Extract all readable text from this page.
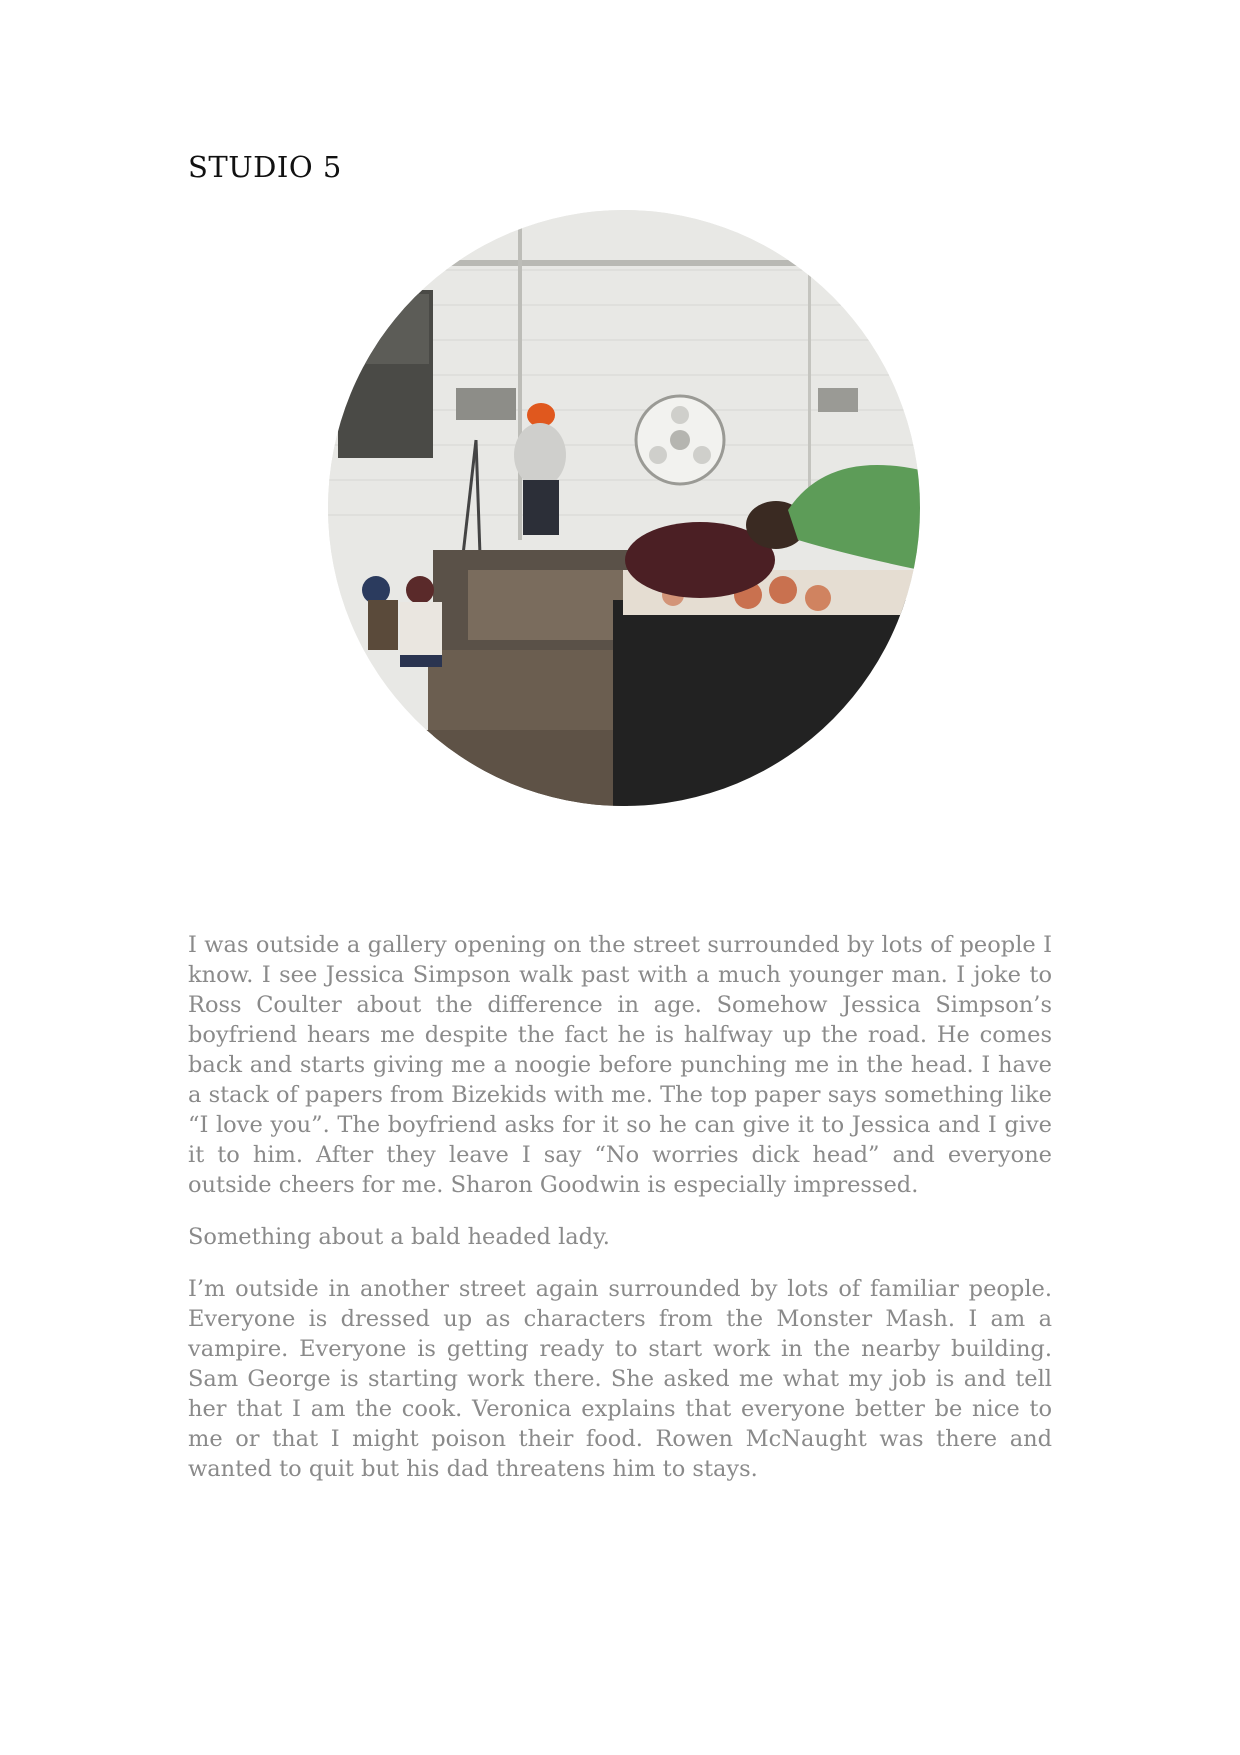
STUDIO 5

I was outside a gallery opening on the street surrounded by lots of people I know. I see Jessica Simpson walk past with a much younger man. I joke to Ross Coulter about the difference in age. Somehow Jessica Simpson’s boyfriend hears me despite the fact he is halfway up the road. He comes back and starts giving me a noogie before punching me in the head. I have a stack of papers from Bizekids with me. The top paper says something like “I love you”. The boyfriend asks for it so he can give it to Jessica and I give it to him. After they leave I say “No worries dick head” and everyone outside cheers for me. Sharon Goodwin is especially impressed.

Something about a bald headed lady.

I’m outside in another street again surrounded by lots of familiar people. Everyone is dressed up as characters from the Monster Mash. I am a vampire. Everyone is getting ready to start work in the nearby building. Sam George is starting work there. She asked me what my job is and tell her that I am the cook. Veronica explains that everyone better be nice to me or that I might poison their food. Rowen McNaught was there and wanted to quit but his dad threatens him to stays.
